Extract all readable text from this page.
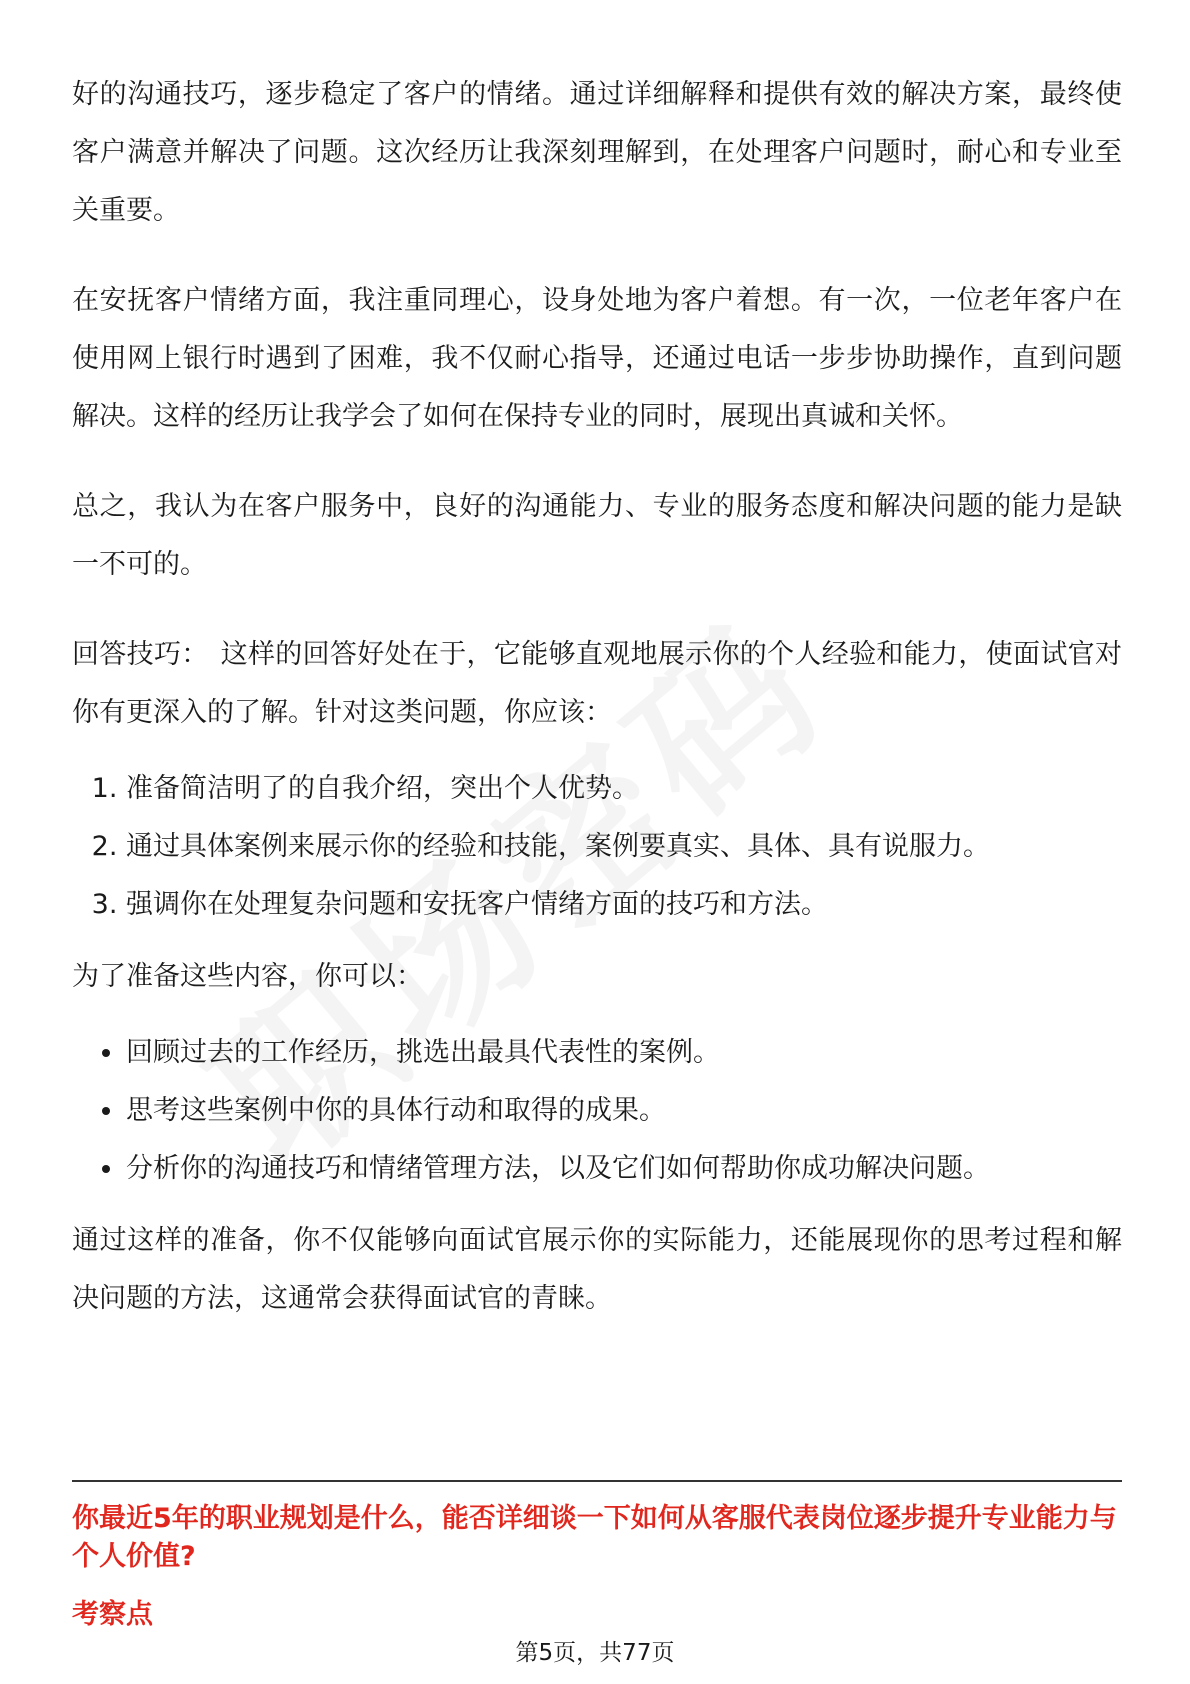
好的沟通技巧，逐步稳定了客户的情绪。通过详细解释和提供有效的解决方案，最终使客户满意并解决了问题。这次经历让我深刻理解到，在处理客户问题时，耐心和专业至关重要。

在安抚客户情绪方面，我注重同理心，设身处地为客户着想。有一次，一位老年客户在使用网上银行时遇到了困难，我不仅耐心指导，还通过电话一步步协助操作，直到问题解决。这样的经历让我学会了如何在保持专业的同时，展现出真诚和关怀。

总之，我认为在客户服务中，良好的沟通能力、专业的服务态度和解决问题的能力是缺一不可的。

回答技巧： 这样的回答好处在于，它能够直观地展示你的个人经验和能力，使面试官对你有更深入的了解。针对这类问题，你应该：

1. 准备简洁明了的自我介绍，突出个人优势。
2. 通过具体案例来展示你的经验和技能，案例要真实、具体、具有说服力。
3. 强调你在处理复杂问题和安抚客户情绪方面的技巧和方法。

为了准备这些内容，你可以：

回顾过去的工作经历，挑选出最具代表性的案例。
思考这些案例中你的具体行动和取得的成果。
分析你的沟通技巧和情绪管理方法，以及它们如何帮助你成功解决问题。

通过这样的准备，你不仅能够向面试官展示你的实际能力，还能展现你的思考过程和解决问题的方法，这通常会获得面试官的青睐。

你最近5年的职业规划是什么，能否详细谈一下如何从客服代表岗位逐步提升专业能力与个人价值?

考察点

第5页，共77页
